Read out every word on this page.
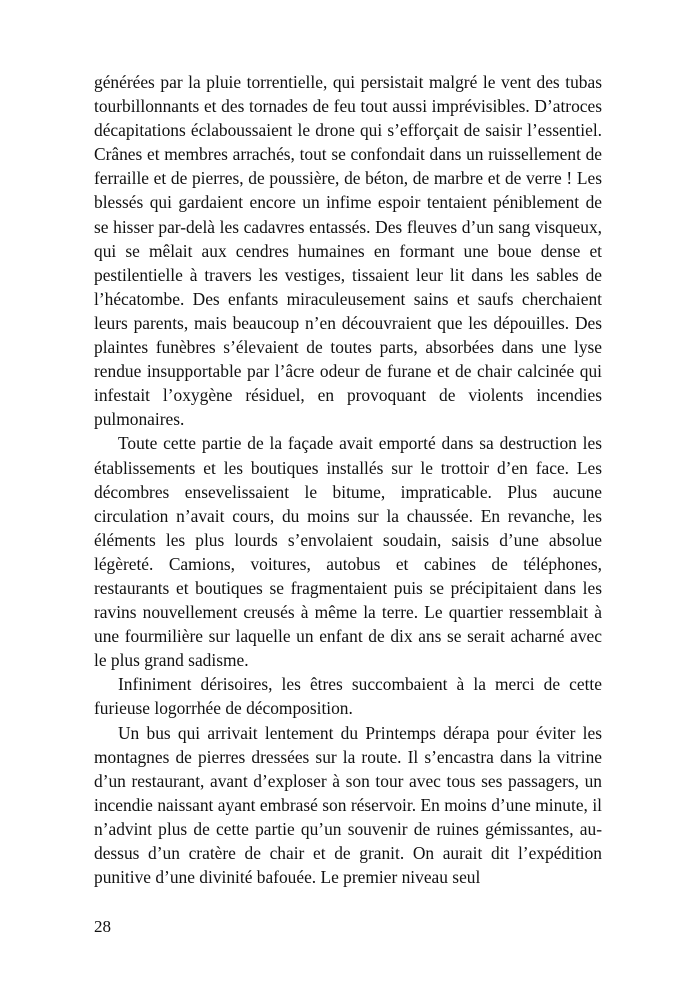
générées par la pluie torrentielle, qui persistait malgré le vent des tubas tourbillonnants et des tornades de feu tout aussi imprévisibles. D’atroces décapitations éclaboussaient le drone qui s’efforçait de saisir l’essentiel. Crânes et membres arrachés, tout se confondait dans un ruissellement de ferraille et de pierres, de poussière, de béton, de marbre et de verre ! Les blessés qui gardaient encore un infime espoir tentaient péniblement de se hisser par-delà les cadavres entassés. Des fleuves d’un sang visqueux, qui se mêlait aux cendres humaines en formant une boue dense et pestilentielle à travers les vestiges, tissaient leur lit dans les sables de l’hécatombe. Des enfants miraculeusement sains et saufs cherchaient leurs parents, mais beaucoup n’en découvraient que les dépouilles. Des plaintes funèbres s’élevaient de toutes parts, absorbées dans une lyse rendue insupportable par l’âcre odeur de furane et de chair calcinée qui infestait l’oxygène résiduel, en provoquant de violents incendies pulmonaires.

Toute cette partie de la façade avait emporté dans sa destruction les établissements et les boutiques installés sur le trottoir d’en face. Les décombres ensevelissaient le bitume, impraticable. Plus aucune circulation n’avait cours, du moins sur la chaussée. En revanche, les éléments les plus lourds s’envolaient soudain, saisis d’une absolue légèreté. Camions, voitures, autobus et cabines de téléphones, restaurants et boutiques se fragmentaient puis se précipitaient dans les ravins nouvellement creusés à même la terre. Le quartier ressemblait à une fourmilière sur laquelle un enfant de dix ans se serait acharné avec le plus grand sadisme.

Infiniment dérisoires, les êtres succombaient à la merci de cette furieuse logorrhée de décomposition.

Un bus qui arrivait lentement du Printemps dérapa pour éviter les montagnes de pierres dressées sur la route. Il s’encastra dans la vitrine d’un restaurant, avant d’exploser à son tour avec tous ses passagers, un incendie naissant ayant embrasé son réservoir. En moins d’une minute, il n’advint plus de cette partie qu’un souvenir de ruines gémissantes, au-dessus d’un cratère de chair et de granit. On aurait dit l’expédition punitive d’une divinité bafouée. Le premier niveau seul

28
